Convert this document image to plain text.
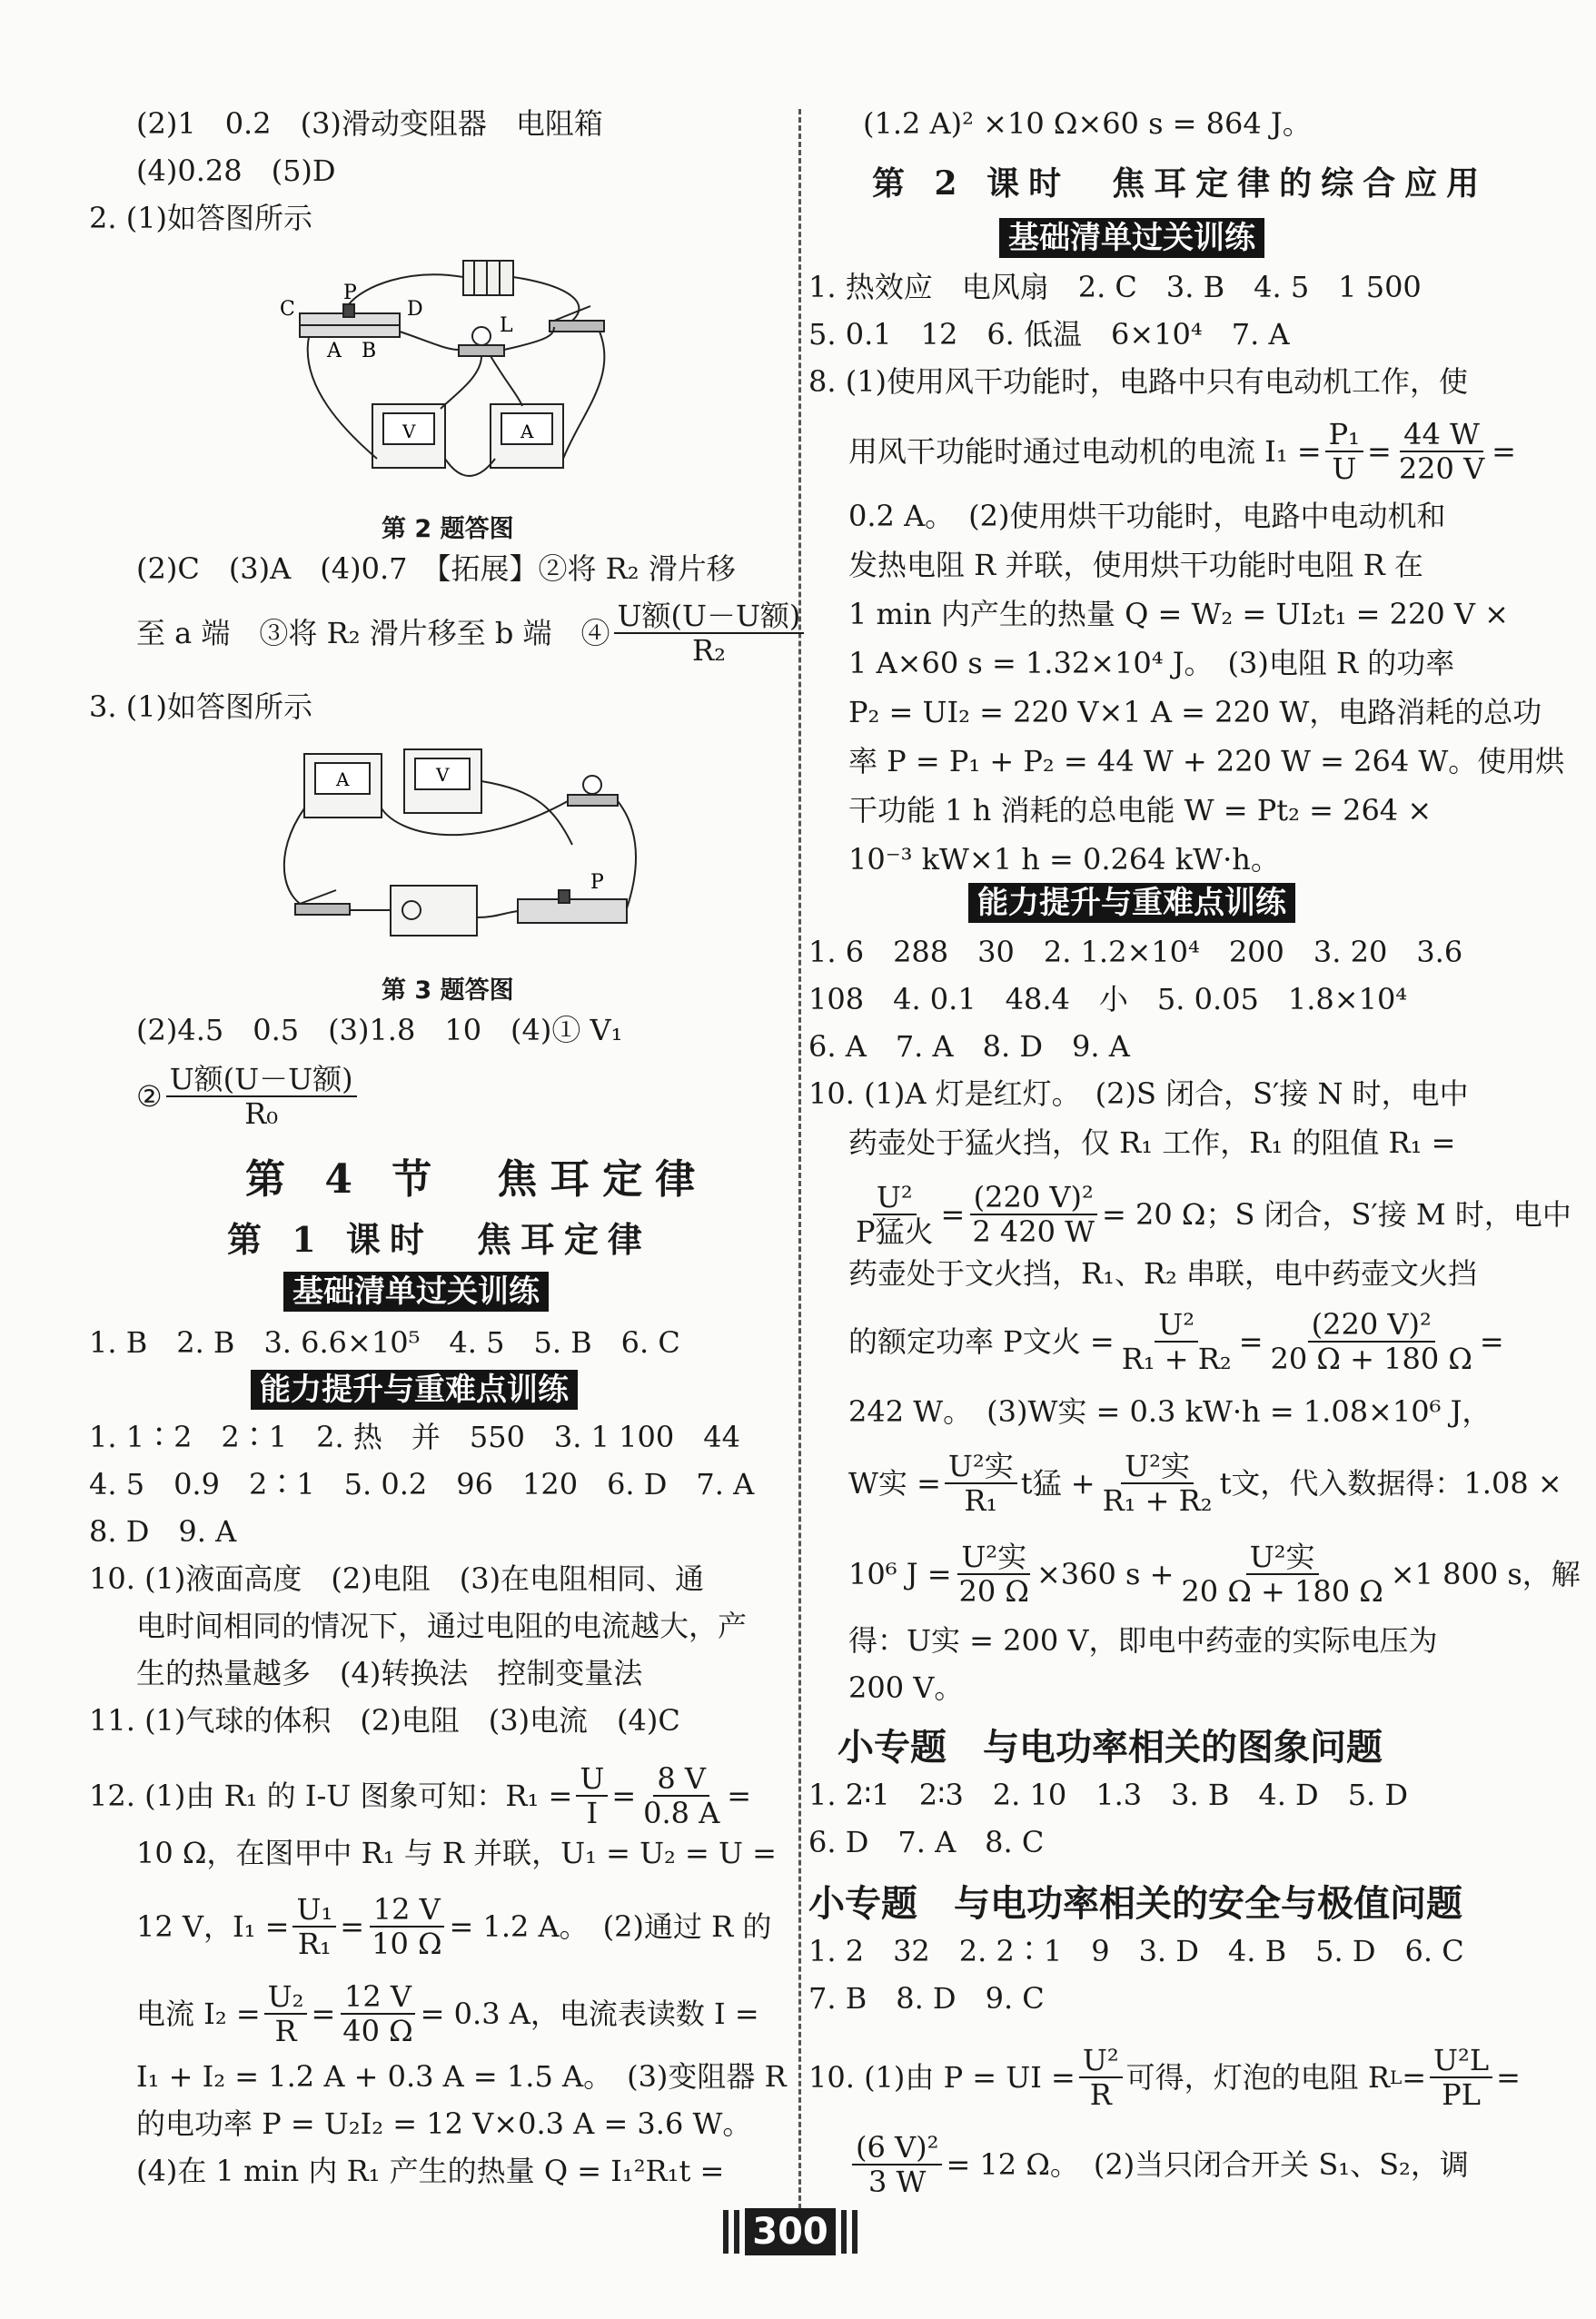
(2)1　0.2　(3)滑动变阻器　电阻箱
(4)0.28　(5)D
2. (1)如答图所示
C
P
D
A B
L
V	A
第 2 题答图
(2)C　(3)A　(4)0.7　【拓展】②将 R₂ 滑片移
至 a 端　③将 R₂ 滑片移至 b 端　④ $\frac{\text{U额(U－U额)}}{\text{R₂}}$
3. (1)如答图所示
A	V
P
第 3 题答图
(2)4.5　0.5　(3)1.8　10　(4)① V₁
② $\frac{\text{U额(U－U额)}}{\text{R₀}}$
第 4 节　焦耳定律
第 1 课时　焦耳定律
基础清单过关训练
1. B　2. B　3. 6.6×10⁵　4. 5　5. B　6. C
能力提升与重难点训练
1. 1∶2　2∶1　2. 热　并　550　3. 1 100　44
4. 5　0.9　2∶1　5. 0.2　96　120　6. D　7. A
8. D　9. A
10. (1)液面高度　(2)电阻　(3)在电阻相同、通
电时间相同的情况下，通过电阻的电流越大，产
生的热量越多　(4)转换法　控制变量法
11. (1)气球的体积　(2)电阻　(3)电流　(4)C
12. (1)由 R₁ 的 I-U 图象可知：$R_1 = \frac{U}{I} = \frac{8 V}{0.8 A}$ =
10 Ω，在图甲中 R₁ 与 R 并联，U₁ = U₂ = U =
12 V，$I_1 = \frac{\text{U₁}}{\text{R₁}} = \frac{12 V}{10 \Omega} = 1.2$ A。　(2)通过 R 的
电流 $I_2 = \frac{\text{U₂}}{R} = \frac{12 V}{40 \Omega} = 0.3$ A，电流表读数 I =
I₁ + I₂ = 1.2 A + 0.3 A = 1.5 A。　(3)变阻器 R
的电功率 P = U₂I₂ = 12 V×0.3 A = 3.6 W。
(4)在 1 min 内 R₁ 产生的热量 Q = I₁²R₁t =
(1.2 A)² ×10 Ω×60 s = 864 J。
第 2 课时　焦耳定律的综合应用
基础清单过关训练
1. 热效应　电风扇　2. C　3. B　4. 5　1 500
5. 0.1　12　6. 低温　6×10⁴　7. A
8. (1)使用风干功能时，电路中只有电动机工作，使
用风干功能时通过电动机的电流 $I_1 = \frac{\text{P₁}}{U} = \frac{44 W}{220 V}$ =
0.2 A。　(2)使用烘干功能时，电路中电动机和
发热电阻 R 并联，使用烘干功能时电阻 R 在
1 min 内产生的热量 Q = W₂ = UI₂t₁ = 220 V ×
1 A×60 s = 1.32×10⁴ J。　(3)电阻 R 的功率
P₂ = UI₂ = 220 V×1 A = 220 W，电路消耗的总功
率 P = P₁ + P₂ = 44 W + 220 W = 264 W。使用烘
干功能 1 h 消耗的总电能 W = Pt₂ = 264 ×
10⁻³ kW×1 h = 0.264 kW·h。
能力提升与重难点训练
1. 6　288　30　2. 1.2×10⁴　200　3. 20　3.6
108　4. 0.1　48.4　小　5. 0.05　1.8×10⁴
6. A　7. A　8. D　9. A
10. (1)A 灯是红灯。　(2)S 闭合，S′接 N 时，电中
药壶处于猛火挡，仅 R₁ 工作，R₁ 的阻值 R₁ =
$\frac{\text{U²}}{\text{P猛火}} = \frac{\text{(220 V)²}}{2 420 W} = 20$ Ω；S 闭合，S′接 M 时，电中
药壶处于文火挡，R₁、R₂ 串联，电中药壶文火挡
的额定功率 P文火 = $\frac{\text{U²}}{\text{R₁ + R₂}} = \frac{\text{(220 V)²}}{20 \Omega + 180 \Omega}$ =
242 W。　(3)W实 = 0.3 kW·h = 1.08×10⁶ J，
W实 = $\frac{\text{U²实}}{\text{R₁}}$ t猛 + $\frac{\text{U²实}}{\text{R₁ + R₂}}$ t文，代入数据得：1.08 ×
10⁶ $J = \frac{\text{U²实}}{20 \Omega} \times 360$ $s + \frac{\text{U²实}}{20 \Omega + 180 \Omega} \times 1$ 800 s，解
得：U实 = 200 V，即电中药壶的实际电压为
200 V。
小专题　与电功率相关的图象问题
1. 2∶1　2∶3　2. 10　1.3　3. B　4. D　5. D
6. D　7. A　8. C
小专题　与电功率相关的安全与极值问题
1. 2　32　2. 2∶1　9　3. D　4. B　5. D　6. C
7. B　8. D　9. C
10. (1)由 P = UI = $\frac{\text{U²}}{R}$ 可得，灯泡的电阻 R $L = \frac{\text{U²L}}{PL}$ =
$\frac{\text{(6 V)²}}{3 W} = 12$ Ω。　(2)当只闭合开关 S₁、S₂，调
300
